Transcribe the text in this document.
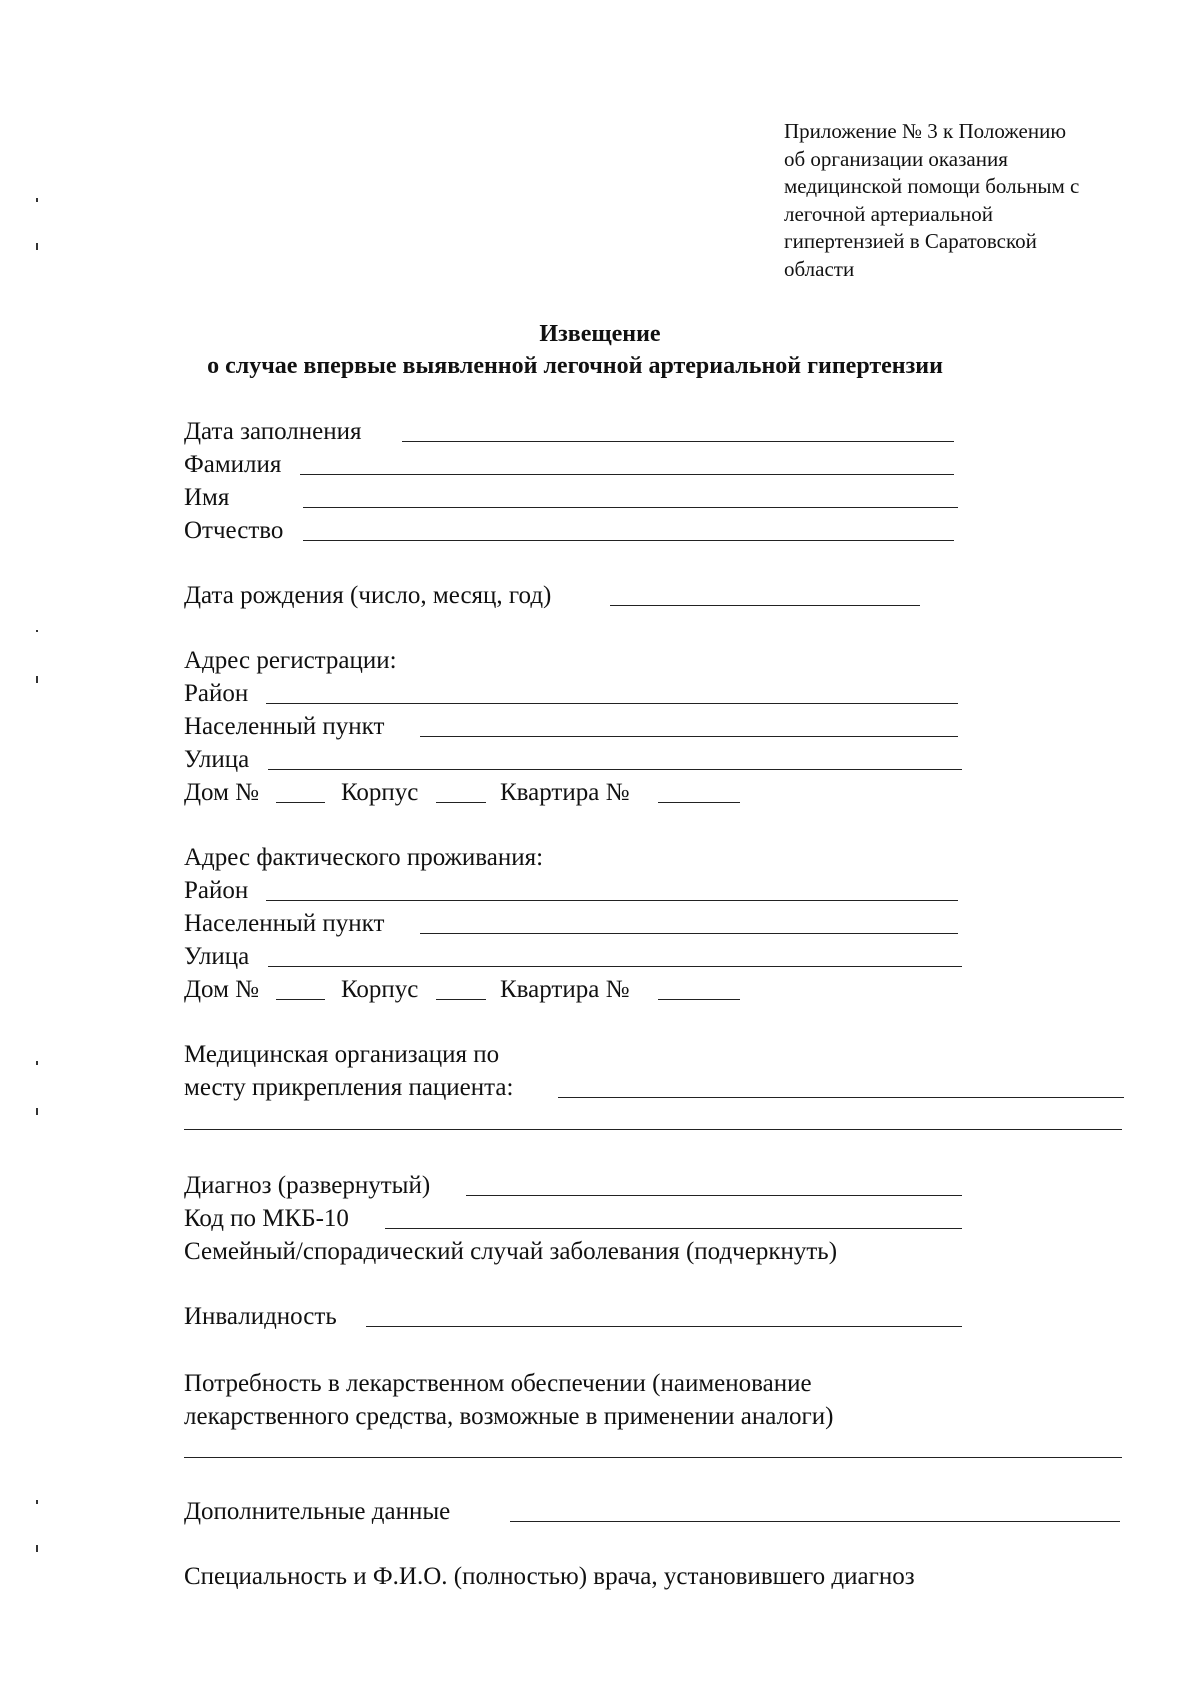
Приложение № 3 к Положению
об организации оказания
медицинской помощи больным с
легочной артериальной
гипертензией в Саратовской
области
Извещение
о случае впервые выявленной легочной артериальной гипертензии
Дата заполнения
Фамилия
Имя
Отчество
Дата рождения (число, месяц, год)
Адрес регистрации:
Район
Населенный пункт
Улица
Дом №	Корпус	Квартира №
Адрес фактического проживания:
Район
Населенный пункт
Улица
Дом №	Корпус	Квартира №
Медицинская организация по
месту прикрепления пациента:
Диагноз (развернутый)
Код по МКБ-10
Семейный/спорадический случай заболевания (подчеркнуть)
Инвалидность
Потребность в лекарственном обеспечении (наименование
лекарственного средства, возможные в применении аналоги)
Дополнительные данные
Специальность и Ф.И.О. (полностью) врача, установившего диагноз
